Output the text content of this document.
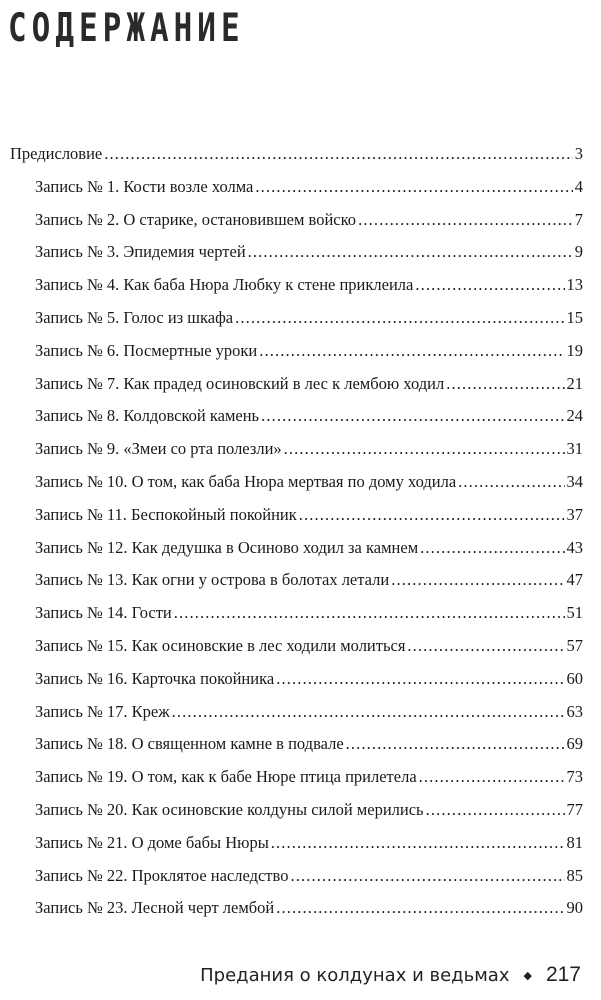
СОДЕРЖАНИЕ
Предисловие . . .	3
Запись № 1. Кости возле холма . . .	4
Запись № 2. О старике, остановившем войско . . .	7
Запись № 3. Эпидемия чертей . . .	9
Запись № 4. Как баба Нюра Любку к стене приклеила . . .	13
Запись № 5. Голос из шкафа . . .	15
Запись № 6. Посмертные уроки . . .	19
Запись № 7. Как прадед осиновский в лес к лембою ходил . . .	21
Запись № 8. Колдовской камень . . .	24
Запись № 9. «Змеи со рта полезли» . . .	31
Запись № 10. О том, как баба Нюра мертвая по дому ходила . . .	34
Запись № 11. Беспокойный покойник . . .	37
Запись № 12. Как дедушка в Осиново ходил за камнем . . .	43
Запись № 13. Как огни у острова в болотах летали . . .	47
Запись № 14. Гости . . .	51
Запись № 15. Как осиновские в лес ходили молиться . . .	57
Запись № 16. Карточка покойника . . .	60
Запись № 17. Креж . . .	63
Запись № 18. О священном камне в подвале . . .	69
Запись № 19. О том, как к бабе Нюре птица прилетела . . .	73
Запись № 20. Как осиновские колдуны силой мерились . . .	77
Запись № 21. О доме бабы Нюры . . .	81
Запись № 22. Проклятое наследство . . .	85
Запись № 23. Лесной черт лембой . . .	90
Предания о колдунах и ведьмах ◆ 217
